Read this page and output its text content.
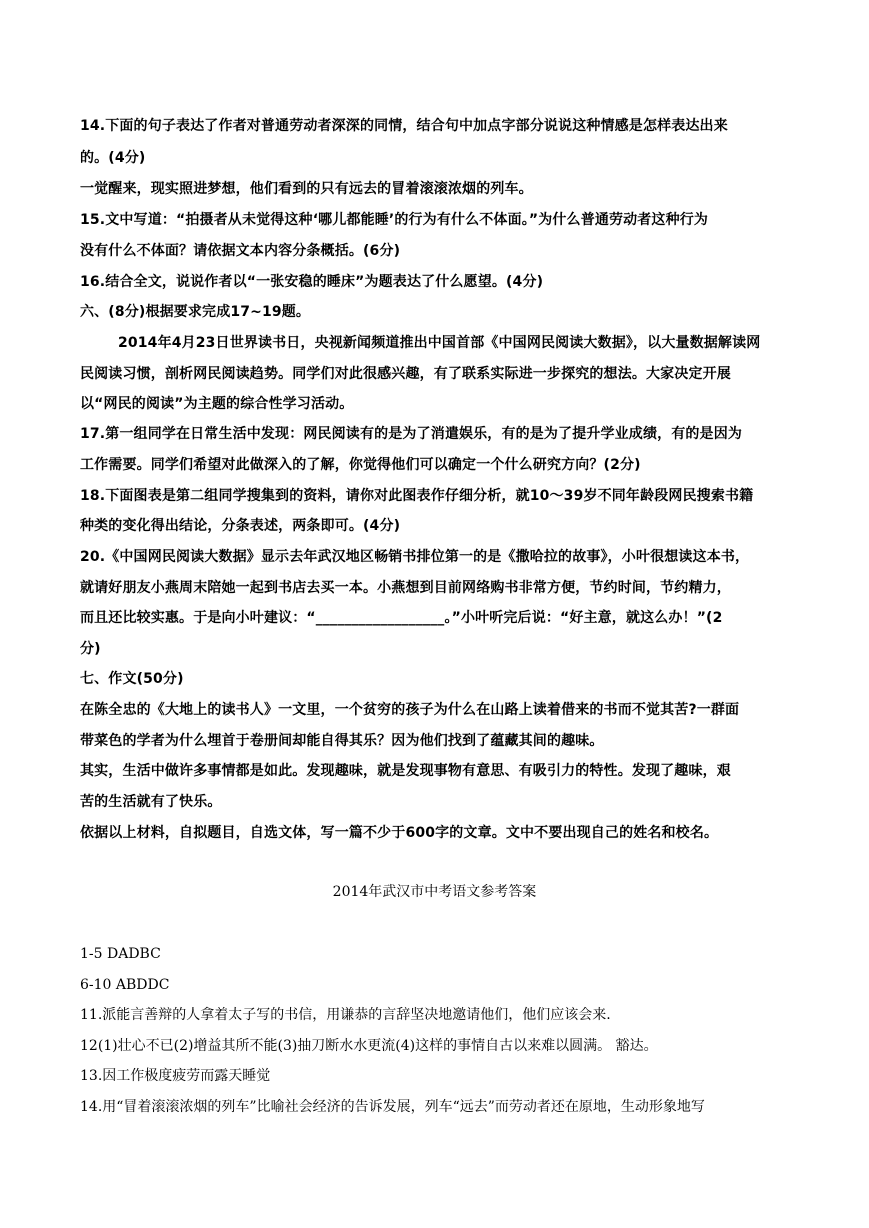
14.下面的句子表达了作者对普通劳动者深深的同情，结合句中加点字部分说说这种情感是怎样表达出来
的。(4分)
一觉醒来，现实照进梦想，他们看到的只有远去的冒着滚滚浓烟的列车。
15.文中写道：“拍摄者从未觉得这种‘哪儿都能睡’的行为有什么不体面。”为什么普通劳动者这种行为
没有什么不体面？请依据文本内容分条概括。(6分)
16.结合全文，说说作者以“一张安稳的睡床”为题表达了什么愿望。(4分)
六、(8分)根据要求完成17~19题。
2014年4月23日世界读书日，央视新闻频道推出中国首部《中国网民阅读大数据》，以大量数据解读网
民阅读习惯，剖析网民阅读趋势。同学们对此很感兴趣，有了联系实际进一步探究的想法。大家决定开展
以“网民的阅读”为主题的综合性学习活动。
17.第一组同学在日常生活中发现：网民阅读有的是为了消遣娱乐，有的是为了提升学业成绩，有的是因为
工作需要。同学们希望对此做深入的了解，你觉得他们可以确定一个什么研究方向？(2分)
18.下面图表是第二组同学搜集到的资料，请你对此图表作仔细分析，就10～39岁不同年龄段网民搜索书籍
种类的变化得出结论，分条表述，两条即可。(4分)
20.《中国网民阅读大数据》显示去年武汉地区畅销书排位第一的是《撒哈拉的故事》，小叶很想读这本书，
就请好朋友小燕周末陪她一起到书店去买一本。小燕想到目前网络购书非常方便，节约时间，节约精力，
而且还比较实惠。于是向小叶建议：“__________________。”小叶听完后说：“好主意，就这么办！”(2
分)
七、作文(50分)
在陈全忠的《大地上的读书人》一文里，一个贫穷的孩子为什么在山路上读着借来的书而不觉其苦?一群面
带菜色的学者为什么埋首于卷册间却能自得其乐？因为他们找到了蕴藏其间的趣味。
其实，生活中做许多事情都是如此。发现趣味，就是发现事物有意思、有吸引力的特性。发现了趣味，艰
苦的生活就有了快乐。
依据以上材料，自拟题目，自选文体，写一篇不少于600字的文章。文中不要出现自己的姓名和校名。
2014年武汉市中考语文参考答案
1-5 DADBC
6-10 ABDDC
11.派能言善辩的人拿着太子写的书信，用谦恭的言辞坚决地邀请他们，他们应该会来.
12(1)壮心不已(2)增益其所不能(3)抽刀断水水更流(4)这样的事情自古以来难以圆满。 豁达。
13.因工作极度疲劳而露天睡觉
14.用“冒着滚滚浓烟的列车”比喻社会经济的告诉发展，列车“远去”而劳动者还在原地，生动形象地写
